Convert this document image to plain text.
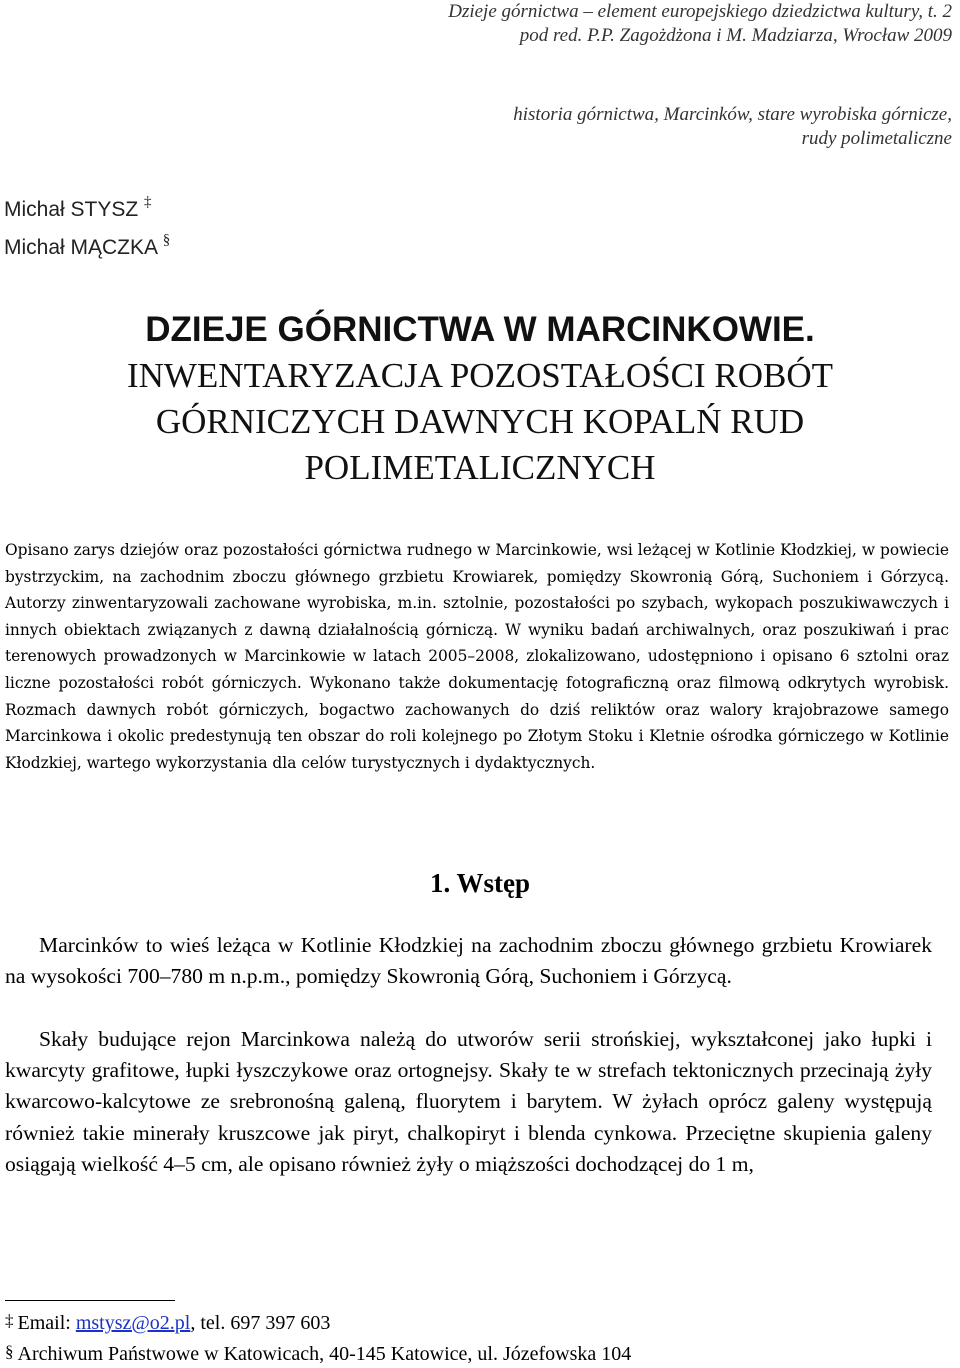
Dzieje górnictwa – element europejskiego dziedzictwa kultury, t. 2
pod red. P.P. Zagożdżona i M. Madziarza, Wrocław 2009
historia górnictwa, Marcinków, stare wyrobiska górnicze,
rudy polimetaliczne
Michał STYSZ ‡
Michał MĄCZKA §
DZIEJE GÓRNICTWA W MARCINKOWIE.
INWENTARYZACJA POZOSTAŁOŚCI ROBÓT
GÓRNICZYCH DAWNYCH KOPALŃ RUD
POLIMETALICZNYCH
Opisano zarys dziejów oraz pozostałości górnictwa rudnego w Marcinkowie, wsi leżącej w Kotlinie Kłodzkiej, w powiecie bystrzyckim, na zachodnim zboczu głównego grzbietu Krowiarek, pomiędzy Skowronią Górą, Suchoniem i Górzycą. Autorzy zinwentaryzowali zachowane wyrobiska, m.in. sztolnie, pozostałości po szybach, wykopach poszukiwawczych i innych obiektach związanych z dawną działalnością górniczą. W wyniku badań archiwalnych, oraz poszukiwań i prac terenowych prowadzonych w Marcinkowie w latach 2005–2008, zlokalizowano, udostępniono i opisano 6 sztolni oraz liczne pozostałości robót górniczych. Wykonano także dokumentację fotograficzną oraz filmową odkrytych wyrobisk. Rozmach dawnych robót górniczych, bogactwo zachowanych do dziś reliktów oraz walory krajobrazowe samego Marcinkowa i okolic predestynują ten obszar do roli kolejnego po Złotym Stoku i Kletnie ośrodka górniczego w Kotlinie Kłodzkiej, wartego wykorzystania dla celów turystycznych i dydaktycznych.
1. Wstęp
Marcinków to wieś leżąca w Kotlinie Kłodzkiej na zachodnim zboczu głównego grzbietu Krowiarek na wysokości 700–780 m n.p.m., pomiędzy Skowronią Górą, Suchoniem i Górzycą.
Skały budujące rejon Marcinkowa należą do utworów serii strońskiej, wykształconej jako łupki i kwarcyty grafitowe, łupki łyszczykowe oraz ortognejsy. Skały te w strefach tektonicznych przecinają żyły kwarcowo-kalcytowe ze srebronośną galeną, fluorytem i barytem. W żyłach oprócz galeny występują również takie minerały kruszcowe jak piryt, chalkopiryt i blenda cynkowa. Przeciętne skupienia galeny osiągają wielkość 4–5 cm, ale opisano również żyły o miąższości dochodzącej do 1 m,
‡ Email: mstysz@o2.pl, tel. 697 397 603
§ Archiwum Państwowe w Katowicach, 40-145 Katowice, ul. Józefowska 104
